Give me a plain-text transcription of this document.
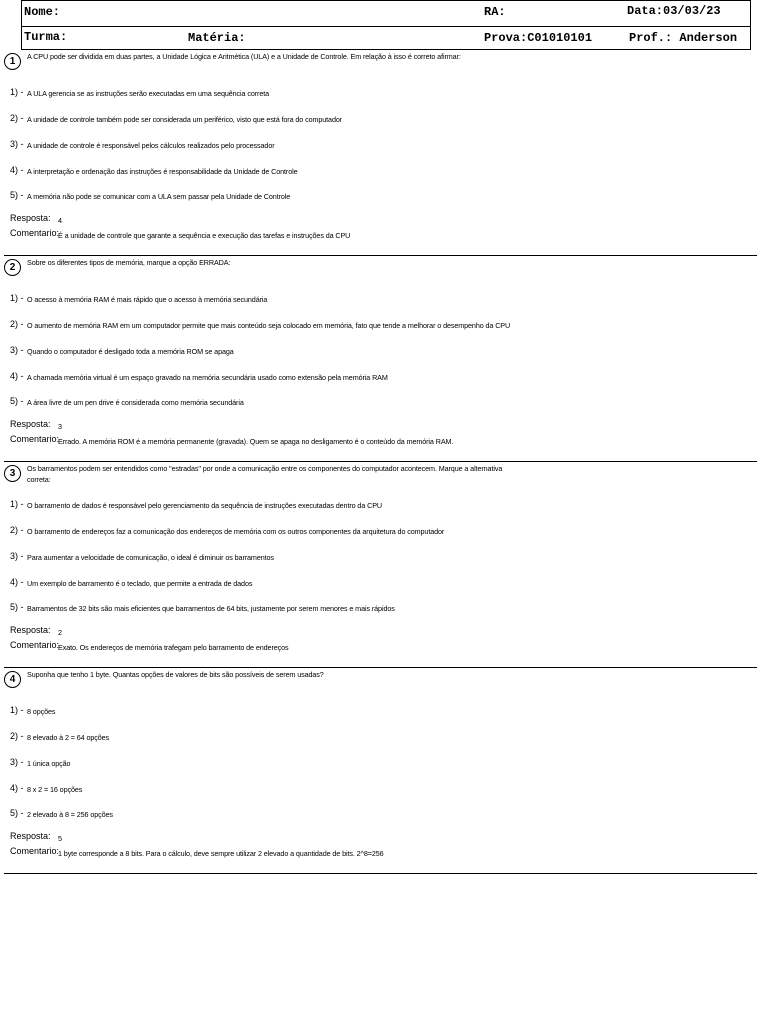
Nome:	RA:	Data:03/03/23
Turma:	Matéria:	Prova:C01010101	Prof.: Anderson
1	A CPU pode ser dividida em duas partes, a Unidade Lógica e Aritmética (ULA) e a Unidade de Controle. Em relação à isso é correto afirmar:
1) - A ULA gerencia se as instruções serão executadas em uma sequência correta
2) - A unidade de controle também pode ser considerada um periférico, visto que está fora do computador
3) - A unidade de controle é responsável pelos cálculos realizados pelo processador
4) - A interpretação e ordenação das instruções é responsabilidade da Unidade de Controle
5) - A memória não pode se comunicar com a ULA sem passar pela Unidade de Controle
Resposta: 4
Comentario:
É a unidade de controle que garante a sequência e execução das tarefas e instruções da CPU
2	Sobre os diferentes tipos de memória, marque a opção ERRADA:
1) - O acesso à memória RAM é mais rápido que o acesso à memória secundária
2) - O aumento de memória RAM em um computador permite que mais conteúdo seja colocado em memória, fato que tende a melhorar o desempenho da CPU
3) - Quando o computador é desligado toda a memória ROM se apaga
4) - A chamada memória virtual é um espaço gravado na memória secundária usado como extensão pela memória RAM
5) - A área livre de um pen drive é considerada como memória secundária
Resposta: 3
Comentario:
Errado. A memória ROM é a memória permanente (gravada). Quem se apaga no desligamento é o conteúdo da memória RAM.
3	Os barramentos podem ser entendidos como "estradas" por onde a comunicação entre os componentes do computador acontecem. Marque a alternativa
correta:
1) - O barramento de dados é responsável pelo gerenciamento da sequência de instruções executadas dentro da CPU
2) - O barramento de endereços faz a comunicação dos endereços de memória com os outros componentes da arquitetura do computador
3) - Para aumentar a velocidade de comunicação, o ideal é diminuir os barramentos
4) - Um exemplo de barramento é o teclado, que permite a entrada de dados
5) - Barramentos de 32 bits são mais eficientes que barramentos de 64 bits, justamente por serem menores e mais rápidos
Resposta: 2
Comentario:
Exato. Os endereços de memória trafegam pelo barramento de endereços
4	Suponha que tenho 1 byte. Quantas opções de valores de bits são possíveis de serem usadas?
1) - 8 opções
2) - 8 elevado à 2 = 64 opções
3) - 1 única opção
4) - 8 x 2 = 16 opções
5) - 2 elevado à 8 = 256 opções
Resposta: 5
Comentario:
1 byte corresponde a 8 bits. Para o cálculo, deve sempre utilizar 2 elevado a quantidade de bits. 2^8=256
